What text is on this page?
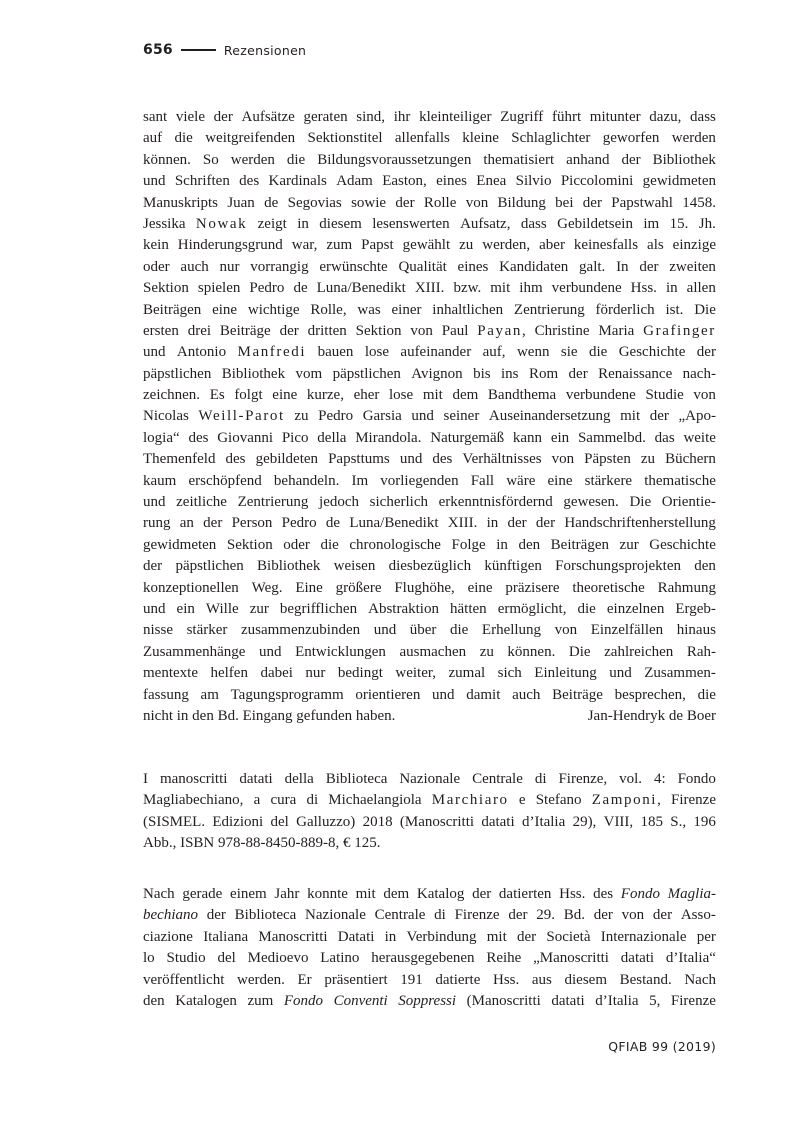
656	Rezensionen
sant viele der Aufsätze geraten sind, ihr kleinteiliger Zugriff führt mitunter dazu, dass
auf die weitgreifenden Sektionstitel allenfalls kleine Schlaglichter geworfen werden
können. So werden die Bildungsvoraussetzungen thematisiert anhand der Bibliothek
und Schriften des Kardinals Adam Easton, eines Enea Silvio Piccolomini gewidmeten
Manuskripts Juan de Segovias sowie der Rolle von Bildung bei der Papstwahl 1458.
Jessika Nowak zeigt in diesem lesenswerten Aufsatz, dass Gebildetsein im 15. Jh.
kein Hinderungsgrund war, zum Papst gewählt zu werden, aber keinesfalls als einzige
oder auch nur vorrangig erwünschte Qualität eines Kandidaten galt. In der zweiten
Sektion spielen Pedro de Luna/Benedikt XIII. bzw. mit ihm verbundene Hss. in allen
Beiträgen eine wichtige Rolle, was einer inhaltlichen Zentrierung förderlich ist. Die
ersten drei Beiträge der dritten Sektion von Paul Payan, Christine Maria Grafinger
und Antonio Manfredi bauen lose aufeinander auf, wenn sie die Geschichte der
päpstlichen Bibliothek vom päpstlichen Avignon bis ins Rom der Renaissance nach-
zeichnen. Es folgt eine kurze, eher lose mit dem Bandthema verbundene Studie von
Nicolas Weill-Parot zu Pedro Garsia und seiner Auseinandersetzung mit der „Apo-
logia“ des Giovanni Pico della Mirandola. Naturgemäß kann ein Sammelbd. das weite
Themenfeld des gebildeten Papsttums und des Verhältnisses von Päpsten zu Büchern
kaum erschöpfend behandeln. Im vorliegenden Fall wäre eine stärkere thematische
und zeitliche Zentrierung jedoch sicherlich erkenntnisfördernd gewesen. Die Orientie-
rung an der Person Pedro de Luna/Benedikt XIII. in der der Handschriftenherstellung
gewidmeten Sektion oder die chronologische Folge in den Beiträgen zur Geschichte
der päpstlichen Bibliothek weisen diesbezüglich künftigen Forschungsprojekten den
konzeptionellen Weg. Eine größere Flughöhe, eine präzisere theoretische Rahmung
und ein Wille zur begrifflichen Abstraktion hätten ermöglicht, die einzelnen Ergeb-
nisse stärker zusammenzubinden und über die Erhellung von Einzelfällen hinaus
Zusammenhänge und Entwicklungen ausmachen zu können. Die zahlreichen Rah-
mentexte helfen dabei nur bedingt weiter, zumal sich Einleitung und Zusammen-
fassung am Tagungsprogramm orientieren und damit auch Beiträge besprechen, die
nicht in den Bd. Eingang gefunden haben.	Jan-Hendryk de Boer
I manoscritti datati della Biblioteca Nazionale Centrale di Firenze, vol. 4: Fondo
Magliabechiano, a cura di Michaelangiola Marchiaro e Stefano Zamponi, Firenze
(SISMEL. Edizioni del Galluzzo) 2018 (Manoscritti datati d’Italia 29), VIII, 185 S., 196
Abb., ISBN 978-88-8450-889-8, € 125.
Nach gerade einem Jahr konnte mit dem Katalog der datierten Hss. des Fondo Maglia-
bechiano der Biblioteca Nazionale Centrale di Firenze der 29. Bd. der von der Asso-
ciazione Italiana Manoscritti Datati in Verbindung mit der Società Internazionale per
lo Studio del Medioevo Latino herausgegebenen Reihe „Manoscritti datati d’Italia“
veröffentlicht werden. Er präsentiert 191 datierte Hss. aus diesem Bestand. Nach
den Katalogen zum Fondo Conventi Soppressi (Manoscritti datati d’Italia 5, Firenze
QFIAB 99 (2019)
